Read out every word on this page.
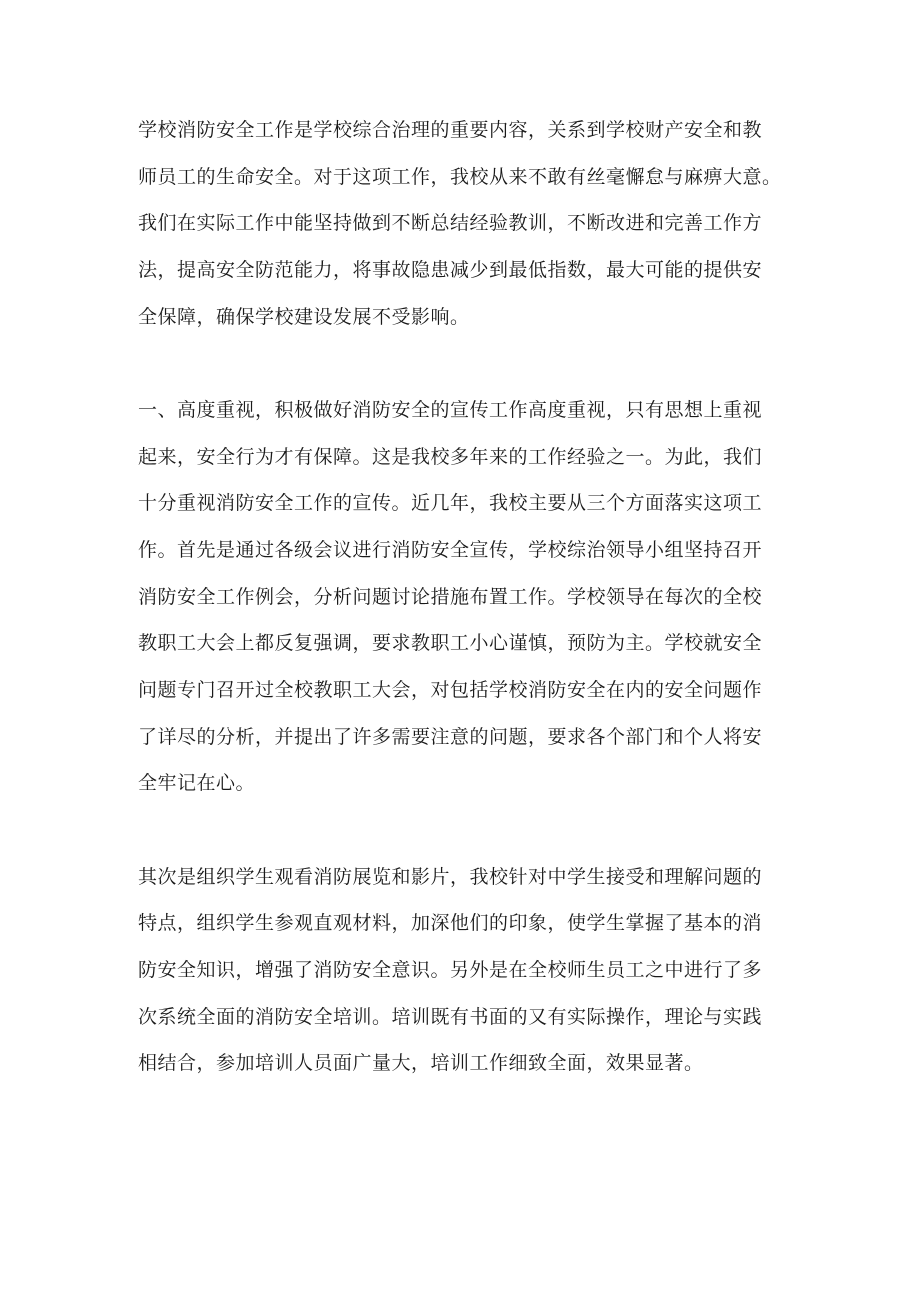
学校消防安全工作是学校综合治理的重要内容，关系到学校财产安全和教

师员工的生命安全。对于这项工作，我校从来不敢有丝毫懈怠与麻痹大意。

我们在实际工作中能坚持做到不断总结经验教训，不断改进和完善工作方

法，提高安全防范能力，将事故隐患减少到最低指数，最大可能的提供安

全保障，确保学校建设发展不受影响。

一、高度重视，积极做好消防安全的宣传工作高度重视，只有思想上重视

起来，安全行为才有保障。这是我校多年来的工作经验之一。为此，我们

十分重视消防安全工作的宣传。近几年，我校主要从三个方面落实这项工

作。首先是通过各级会议进行消防安全宣传，学校综治领导小组坚持召开

消防安全工作例会，分析问题讨论措施布置工作。学校领导在每次的全校

教职工大会上都反复强调，要求教职工小心谨慎，预防为主。学校就安全

问题专门召开过全校教职工大会，对包括学校消防安全在内的安全问题作

了详尽的分析，并提出了许多需要注意的问题，要求各个部门和个人将安

全牢记在心。

其次是组织学生观看消防展览和影片，我校针对中学生接受和理解问题的

特点，组织学生参观直观材料，加深他们的印象，使学生掌握了基本的消

防安全知识，增强了消防安全意识。另外是在全校师生员工之中进行了多

次系统全面的消防安全培训。培训既有书面的又有实际操作，理论与实践

相结合，参加培训人员面广量大，培训工作细致全面，效果显著。
